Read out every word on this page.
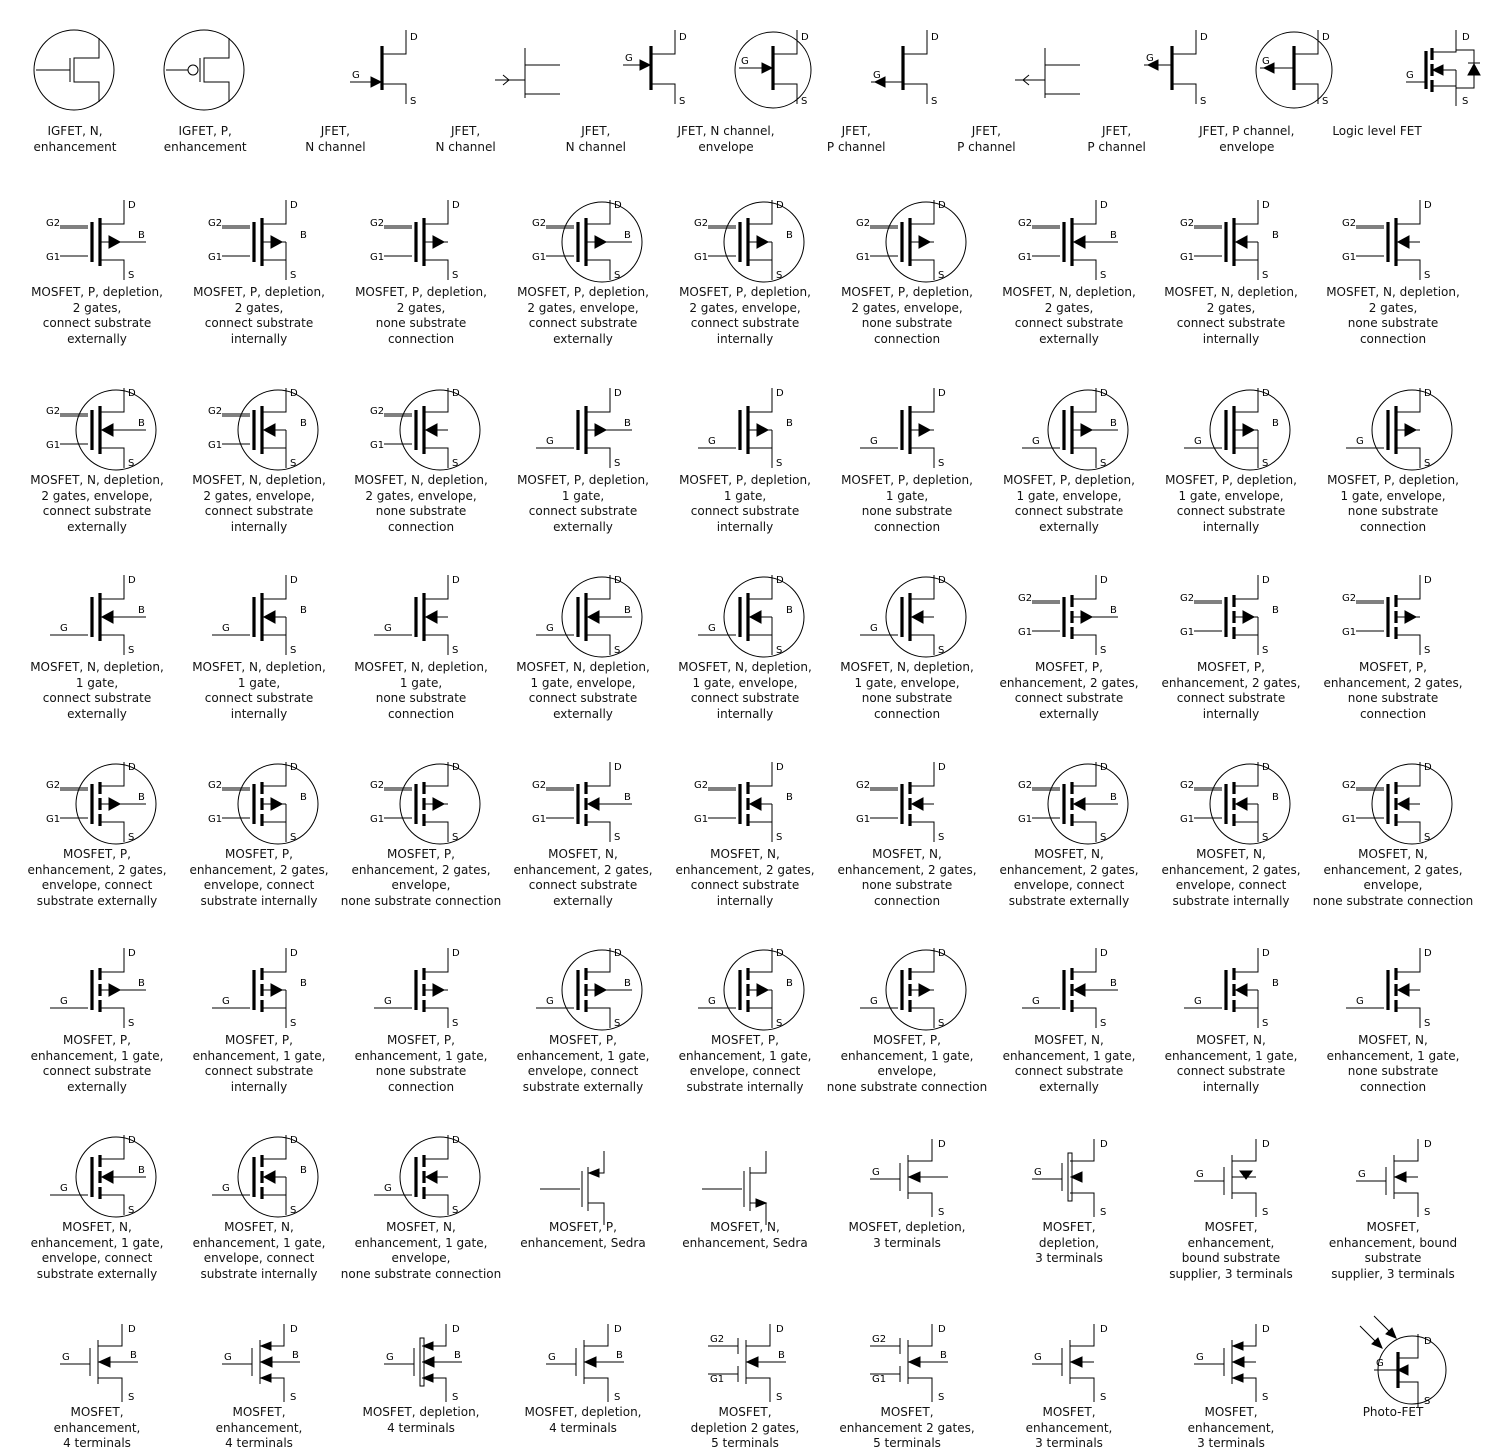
IGFET, N,
enhancement
IGFET, P,
enhancement
D
S
G
JFET,
N channel
JFET,
N channel
D
S
G
JFET,
N channel
D
S
G
JFET, N channel,
envelope
D
S
G
JFET,
P channel
JFET,
P channel
D
S
G
JFET,
P channel
D
S
G
JFET, P channel,
envelope
G
D
S
Logic level FET
G2
G1
D
S
B
MOSFET, P, depletion,
2 gates,
connect substrate
externally
G2
G1
D
S
B
MOSFET, P, depletion,
2 gates,
connect substrate
internally
G2
G1
D
S
MOSFET, P, depletion,
2 gates,
none substrate
connection
G2
G1
D
S
B
MOSFET, P, depletion,
2 gates, envelope,
connect substrate
externally
G2
G1
D
S
B
MOSFET, P, depletion,
2 gates, envelope,
connect substrate
internally
G2
G1
D
S
MOSFET, P, depletion,
2 gates, envelope,
none substrate
connection
G2
G1
D
S
B
MOSFET, N, depletion,
2 gates,
connect substrate
externally
G2
G1
D
S
B
MOSFET, N, depletion,
2 gates,
connect substrate
internally
G2
G1
D
S
MOSFET, N, depletion,
2 gates,
none substrate
connection
G2
G1
D
S
B
MOSFET, N, depletion,
2 gates, envelope,
connect substrate
externally
G2
G1
D
S
B
MOSFET, N, depletion,
2 gates, envelope,
connect substrate
internally
G2
G1
D
S
MOSFET, N, depletion,
2 gates, envelope,
none substrate
connection
G
D
S
B
MOSFET, P, depletion,
1 gate,
connect substrate
externally
G
D
S
B
MOSFET, P, depletion,
1 gate,
connect substrate
internally
G
D
S
MOSFET, P, depletion,
1 gate,
none substrate
connection
G
D
S
B
MOSFET, P, depletion,
1 gate, envelope,
connect substrate
externally
G
D
S
B
MOSFET, P, depletion,
1 gate, envelope,
connect substrate
internally
G
D
S
MOSFET, P, depletion,
1 gate, envelope,
none substrate
connection
G
D
S
B
MOSFET, N, depletion,
1 gate,
connect substrate
externally
G
D
S
B
MOSFET, N, depletion,
1 gate,
connect substrate
internally
G
D
S
MOSFET, N, depletion,
1 gate,
none substrate
connection
G
D
S
B
MOSFET, N, depletion,
1 gate, envelope,
connect substrate
externally
G
D
S
B
MOSFET, N, depletion,
1 gate, envelope,
connect substrate
internally
G
D
S
MOSFET, N, depletion,
1 gate, envelope,
none substrate
connection
G2
G1
D
S
B
MOSFET, P,
enhancement, 2 gates,
connect substrate
externally
G2
G1
D
S
B
MOSFET, P,
enhancement, 2 gates,
connect substrate
internally
G2
G1
D
S
MOSFET, P,
enhancement, 2 gates,
none substrate
connection
G2
G1
D
S
B
MOSFET, P,
enhancement, 2 gates,
envelope, connect
substrate externally
G2
G1
D
S
B
MOSFET, P,
enhancement, 2 gates,
envelope, connect
substrate internally
G2
G1
D
S
MOSFET, P,
enhancement, 2 gates,
envelope,
none substrate connection
G2
G1
D
S
B
MOSFET, N,
enhancement, 2 gates,
connect substrate
externally
G2
G1
D
S
B
MOSFET, N,
enhancement, 2 gates,
connect substrate
internally
G2
G1
D
S
MOSFET, N,
enhancement, 2 gates,
none substrate
connection
G2
G1
D
S
B
MOSFET, N,
enhancement, 2 gates,
envelope, connect
substrate externally
G2
G1
D
S
B
MOSFET, N,
enhancement, 2 gates,
envelope, connect
substrate internally
G2
G1
D
S
MOSFET, N,
enhancement, 2 gates,
envelope,
none substrate connection
G
D
S
B
MOSFET, P,
enhancement, 1 gate,
connect substrate
externally
G
D
S
B
MOSFET, P,
enhancement, 1 gate,
connect substrate
internally
G
D
S
MOSFET, P,
enhancement, 1 gate,
none substrate
connection
G
D
S
B
MOSFET, P,
enhancement, 1 gate,
envelope, connect
substrate externally
G
D
S
B
MOSFET, P,
enhancement, 1 gate,
envelope, connect
substrate internally
G
D
S
MOSFET, P,
enhancement, 1 gate,
envelope,
none substrate connection
G
D
S
B
MOSFET, N,
enhancement, 1 gate,
connect substrate
externally
G
D
S
B
MOSFET, N,
enhancement, 1 gate,
connect substrate
internally
G
D
S
MOSFET, N,
enhancement, 1 gate,
none substrate
connection
G
D
S
B
MOSFET, N,
enhancement, 1 gate,
envelope, connect
substrate externally
G
D
S
B
MOSFET, N,
enhancement, 1 gate,
envelope, connect
substrate internally
G
D
S
MOSFET, N,
enhancement, 1 gate,
envelope,
none substrate connection
MOSFET, P,
enhancement, Sedra
MOSFET, N,
enhancement, Sedra
G
D
S
MOSFET, depletion,
3 terminals
G
D
S
MOSFET,
depletion,
3 terminals
G
D
S
MOSFET,
enhancement,
bound substrate
supplier, 3 terminals
G
D
S
MOSFET,
enhancement, bound
substrate
supplier, 3 terminals
G
D
S
B
MOSFET,
enhancement,
4 terminals
G
D
S
B
MOSFET,
enhancement,
4 terminals
G
D
S
B
MOSFET, depletion,
4 terminals
G
D
S
B
MOSFET, depletion,
4 terminals
G2
G1
D
S
B
MOSFET,
depletion 2 gates,
5 terminals
G2
G1
D
S
B
MOSFET,
enhancement 2 gates,
5 terminals
G
D
S
MOSFET,
enhancement,
3 terminals
G
D
S
MOSFET,
enhancement,
3 terminals
G
D
S
Photo-FET
